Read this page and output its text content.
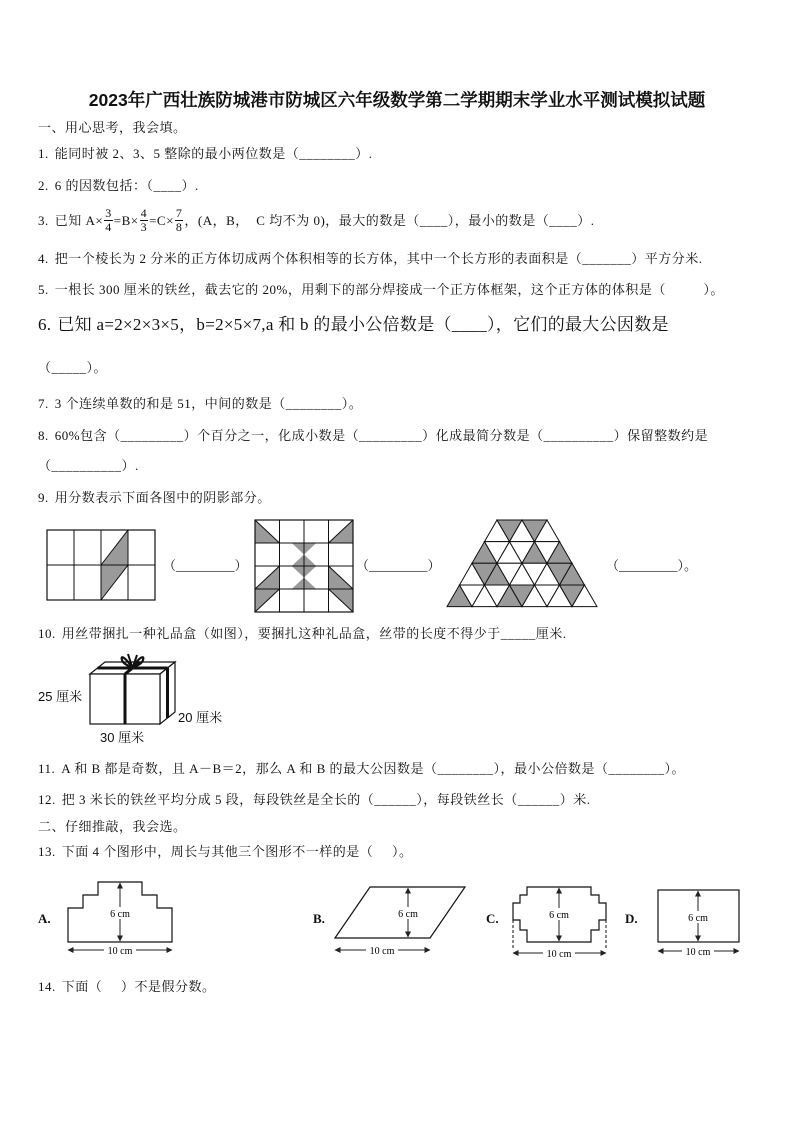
2023年广西壮族防城港市防城区六年级数学第二学期期末学业水平测试模拟试题
一、用心思考，我会填。
1. 能同时被 2、3、5 整除的最小两位数是（________）.
2. 6 的因数包括：（____）.
3. 已知 $A\times \frac{3}{4} =B\times \frac{4}{3} =C\times \frac{7}{8}$ ，(A，B，  C 均不为 0)，最大的数是（____），最小的数是（____）.
4. 把一个棱长为 2 分米的正方体切成两个体积相等的长方体，其中一个长方形的表面积是（_______）平方分米.
5. 一根长 300 厘米的铁丝，截去它的 20%，用剩下的部分焊接成一个正方体框架，这个正方体的体积是（          ）。
6. 已知 a=2×2×3×5，b=2×5×7,a 和 b 的最小公倍数是（____），它们的最大公因数是
（_____）。
7. 3 个连续单数的和是 51，中间的数是（________）。
8. 60%包含（_________）个百分之一，化成小数是（_________）化成最简分数是（__________）保留整数约是
（__________）.
9. 用分数表示下面各图中的阴影部分。
（_________）	（_________）	（_________）。
10. 用丝带捆扎一种礼品盒（如图），要捆扎这种礼品盒，丝带的长度不得少于_____厘米.
25 厘米
20 厘米
30 厘米
11. A 和 B 都是奇数，且 A－B＝2，那么 A 和 B 的最大公因数是（________），最小公倍数是（________）。
12. 把 3 米长的铁丝平均分成 5 段，每段铁丝是全长的（______），每段铁丝长（______）米.
二、仔细推敲，我会选。
13. 下面 4 个图形中，周长与其他三个图形不一样的是（     ）。
A.	6 cm
10 cm
B.	6 cm
10 cm
C.	6 cm
10 cm
D.	6 cm
10 cm
14. 下面（     ）不是假分数。
